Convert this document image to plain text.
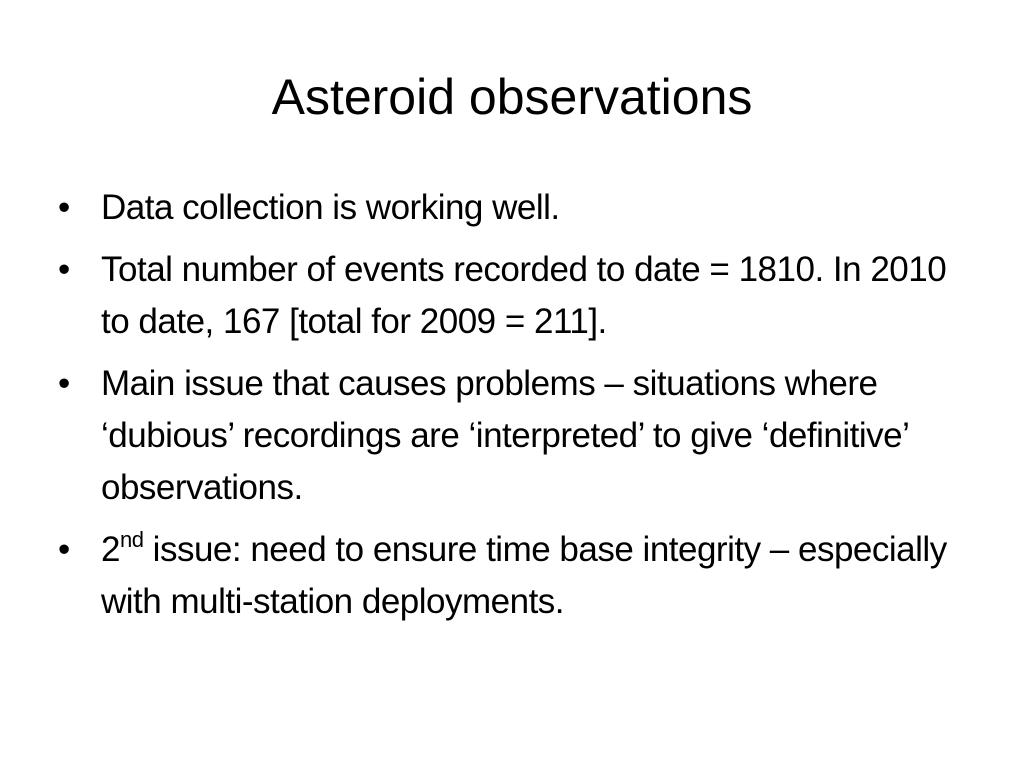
Asteroid observations
• Data collection is working well.
• Total number of events recorded to date = 1810. In 2010 to date, 167 [total for 2009 = 211].
• Main issue that causes problems – situations where ‘dubious’ recordings are ‘interpreted’ to give ‘definitive’ observations.
• 2nd issue: need to ensure time base integrity – especially with multi-station deployments.
